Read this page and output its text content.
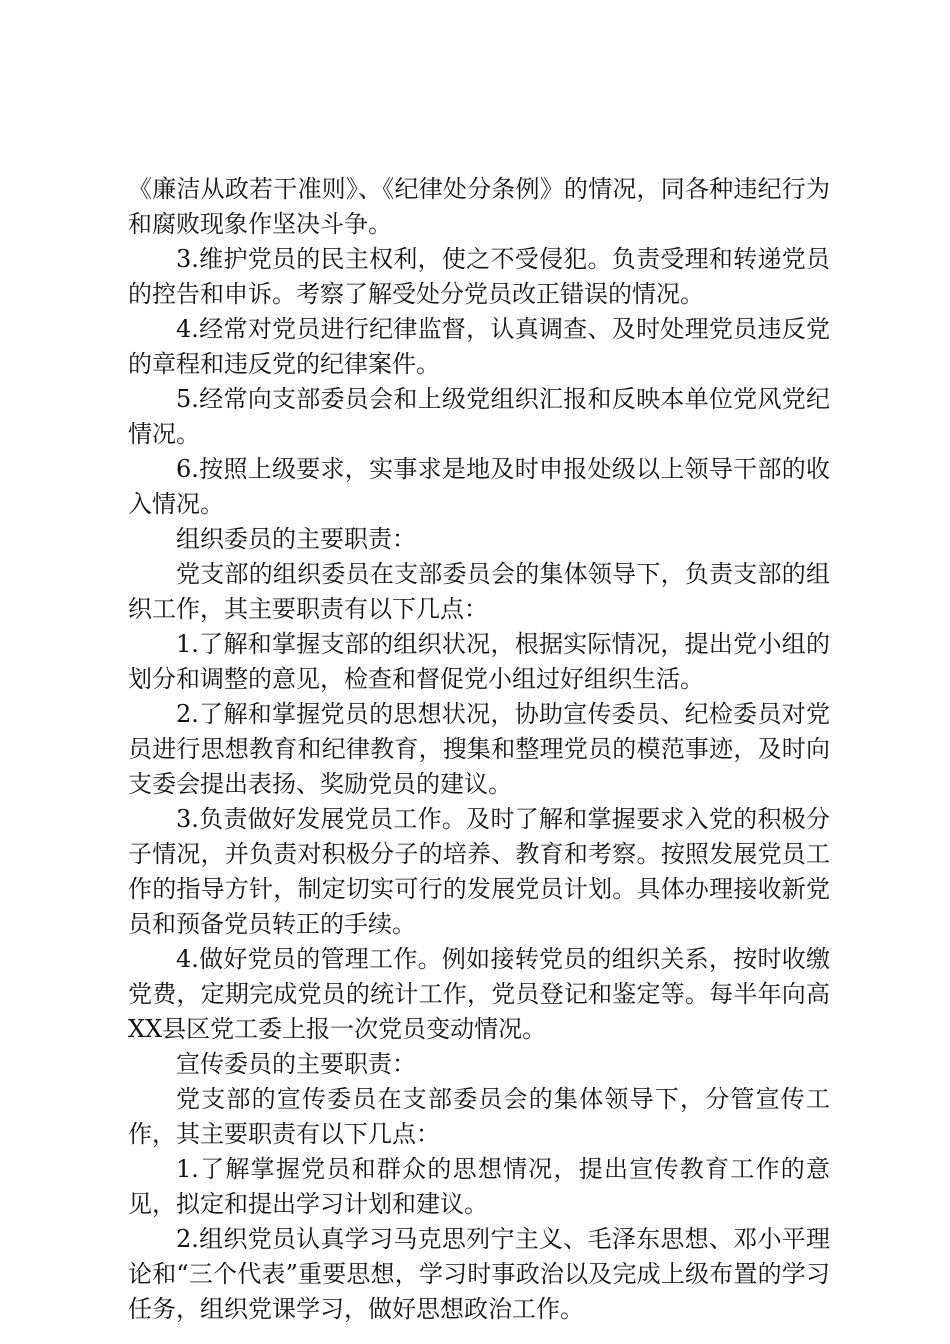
《廉洁从政若干准则》、《纪律处分条例》的情况，同各种违纪行为和腐败现象作坚决斗争。

3.维护党员的民主权利，使之不受侵犯。负责受理和转递党员的控告和申诉。考察了解受处分党员改正错误的情况。

4.经常对党员进行纪律监督，认真调查、及时处理党员违反党的章程和违反党的纪律案件。

5.经常向支部委员会和上级党组织汇报和反映本单位党风党纪情况。

6.按照上级要求，实事求是地及时申报处级以上领导干部的收入情况。

组织委员的主要职责：

党支部的组织委员在支部委员会的集体领导下，负责支部的组织工作，其主要职责有以下几点：

1.了解和掌握支部的组织状况，根据实际情况，提出党小组的划分和调整的意见，检查和督促党小组过好组织生活。

2.了解和掌握党员的思想状况，协助宣传委员、纪检委员对党员进行思想教育和纪律教育，搜集和整理党员的模范事迹，及时向支委会提出表扬、奖励党员的建议。

3.负责做好发展党员工作。及时了解和掌握要求入党的积极分子情况，并负责对积极分子的培养、教育和考察。按照发展党员工作的指导方针，制定切实可行的发展党员计划。具体办理接收新党员和预备党员转正的手续。

4.做好党员的管理工作。例如接转党员的组织关系，按时收缴党费，定期完成党员的统计工作，党员登记和鉴定等。每半年向高XX县区党工委上报一次党员变动情况。

宣传委员的主要职责：

党支部的宣传委员在支部委员会的集体领导下，分管宣传工作，其主要职责有以下几点：

1.了解掌握党员和群众的思想情况，提出宣传教育工作的意见，拟定和提出学习计划和建议。

2.组织党员认真学习马克思列宁主义、毛泽东思想、邓小平理论和“三个代表”重要思想，学习时事政治以及完成上级布置的学习任务，组织党课学习，做好思想政治工作。
